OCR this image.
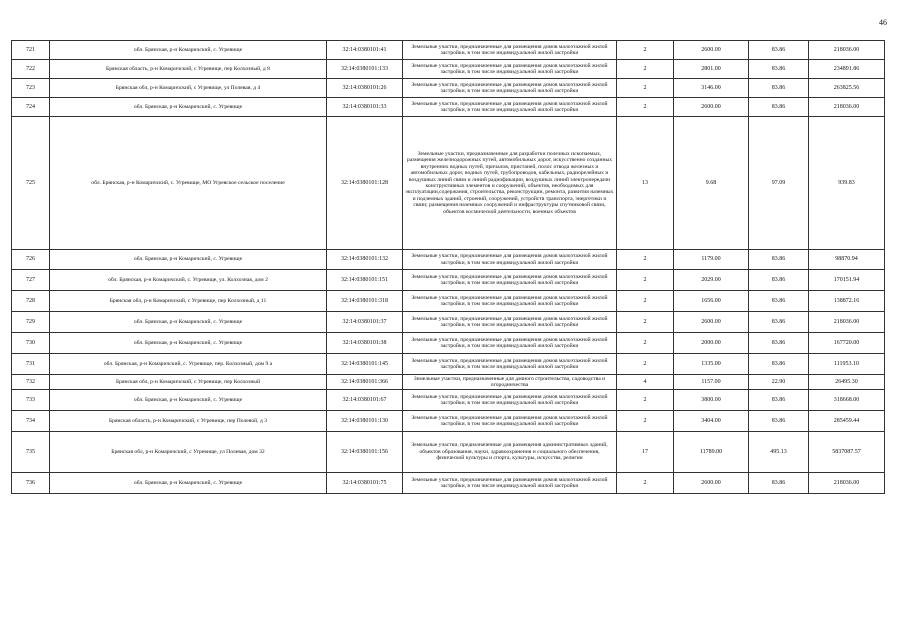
46
721	обл. Брянская, р-н Комаричский, с. Угревище	32:14:0380101:41	Земельные участки, предназначенные для размещения домов малоэтажной жилой застройки, в том числе индивидуальной жилой застройки	2	2600.00	83.86	218036.00
722	Брянская область, р-н Комаричский, с Угревище, пер Колхозный, д 8	32:14:0380101:133	Земельные участки, предназначенные для размещения домов малоэтажной жилой застройки, в том числе индивидуальной жилой застройки	2	2801.00	83.86	234891.86
723	Брянская обл, р-н Комаричский, с Угревище, ул Полевая, д 4	32:14:0380101:26	Земельные участки, предназначенные для размещения домов малоэтажной жилой застройки, в том числе индивидуальной жилой застройки	2	3146.00	83.86	263825.56
724	обл. Брянская, р-н Комаричский, с. Угревище	32:14:0380101:33	Земельные участки, предназначенные для размещения домов малоэтажной жилой застройки, в том числе индивидуальной жилой застройки	2	2600.00	83.86	218036.00
725	обл. Брянская, р-н Комаричский, с. Угревище, МО Угревское сельское поселение	32:14:0380101:128	Земельные участки, предназначенные для разработки полезных ископаемых, размещения железнодорожных путей, автомобильных дорог, искусственно созданных внутренних водных путей, причалов, пристаней, полос отвода железных и автомобильных дорог, водных путей, трубопроводов, кабельных, радиорелейных и воздушных линий связи и линий радиофикации, воздушных линий электропередачи конструктивных элементов и сооружений, объектов, необходимых для эксплуатации,содержания, строительства, реконструкции, ремонта, развития наземных и подземных зданий, строений, сооружений, устройств транспорта, энергетики и связи; размещения наземных сооружений и инфраструктуры спутниковой связи, объектов космической деятельности, военных объектов	13	9.68	97.09	939.83
726	обл. Брянская, р-н Комаричский, с. Угревище	32:14:0380101:132	Земельные участки, предназначенные для размещения домов малоэтажной жилой застройки, в том числе индивидуальной жилой застройки	2	1179.00	83.86	98870.94
727	обл. Брянская, р-н Комаричский, с. Угревище, ул. Колхозная, дом 2	32:14:0380101:151	Земельные участки, предназначенные для размещения домов малоэтажной жилой застройки, в том числе индивидуальной жилой застройки	2	2029.00	83.86	170151.94
728	Брянская обл, р-н Комаричский, с Угревище, пер Колхозный, д 11	32:14:0380101:318	Земельные участки, предназначенные для размещения домов малоэтажной жилой застройки, в том числе индивидуальной жилой застройки	2	1656.00	83.86	138872.16
729	обл. Брянская, р-н Комаричский, с. Угревище	32:14:0380101:37	Земельные участки, предназначенные для размещения домов малоэтажной жилой застройки, в том числе индивидуальной жилой застройки	2	2600.00	83.86	218036.00
730	обл. Брянская, р-н Комаричский, с. Угревище	32:14:0380101:38	Земельные участки, предназначенные для размещения домов малоэтажной жилой застройки, в том числе индивидуальной жилой застройки	2	2000.00	83.86	167720.00
731	обл. Брянская, р-н Комаричский, с. Угревище, пер. Колхозный, дом 9 а	32:14:0380101:145	Земельные участки, предназначенные для размещения домов малоэтажной жилой застройки, в том числе индивидуальной жилой застройки	2	1335.00	83.86	111953.10
732	Брянская обл, р-н Комаричский, с Угревище, пер Колхозный	32:14:0380101:366	Земельные участки, предназначенные для дачного строительства, садоводства и огородничества	4	1157.00	22.90	26495.30
733	обл. Брянская, р-н Комаричский, с. Угревище	32:14:0380101:67	Земельные участки, предназначенные для размещения домов малоэтажной жилой застройки, в том числе индивидуальной жилой застройки	2	3800.00	83.86	318668.00
734	Брянская область, р-н Комаричский, с Угревище, пер Полевой, д 3	32:14:0380101:130	Земельные участки, предназначенные для размещения домов малоэтажной жилой застройки, в том числе индивидуальной жилой застройки	2	3404.00	83.86	285459.44
735	Брянская обл, р-н Комаричский, с Угревище, ул Полевая, дом 32	32:14:0380101:156	Земельные участки, предназначенные для размещения административных зданий, объектов образования, науки, здравоохранения и социального обеспечения, физической культуры и спорта, культуры, искусства, религии	17	11789.00	495.13	5837087.57
736	обл. Брянская, р-н Комаричский, с. Угревище	32:14:0380101:75	Земельные участки, предназначенные для размещения домов малоэтажной жилой застройки, в том числе индивидуальной жилой застройки	2	2600.00	83.86	218036.00
